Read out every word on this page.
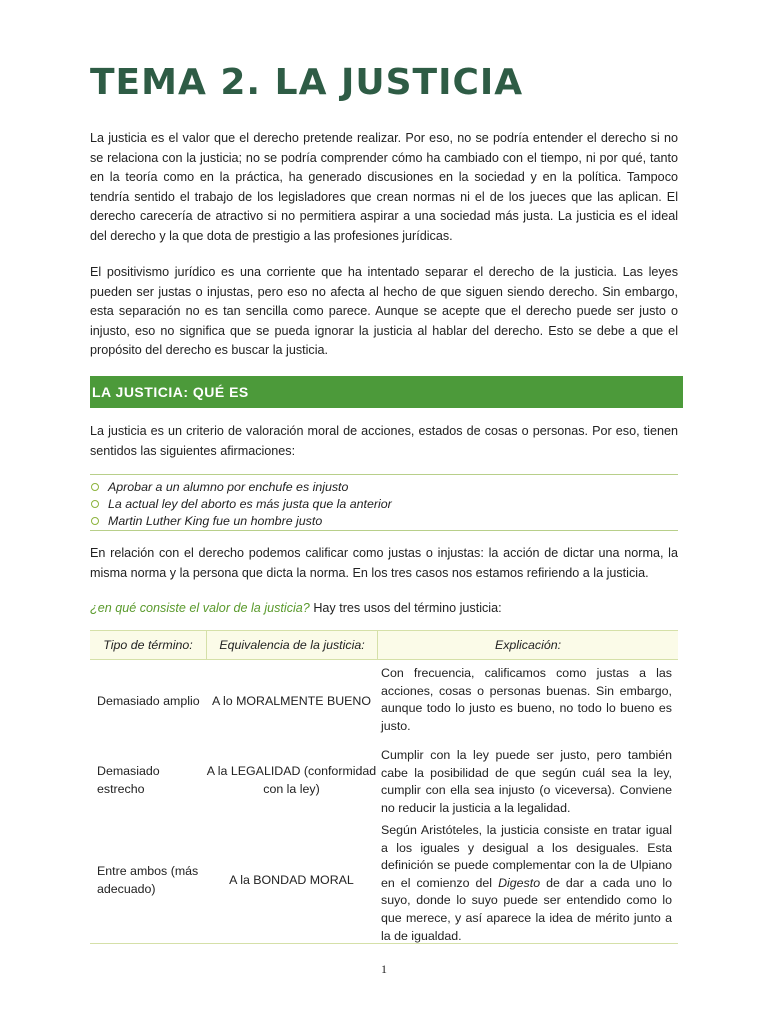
TEMA 2. LA JUSTICIA

La justicia es el valor que el derecho pretende realizar. Por eso, no se podría entender el derecho si no se relaciona con la justicia; no se podría comprender cómo ha cambiado con el tiempo, ni por qué, tanto en la teoría como en la práctica, ha generado discusiones en la sociedad y en la política. Tampoco tendría sentido el trabajo de los legisladores que crean normas ni el de los jueces que las aplican. El derecho carecería de atractivo si no permitiera aspirar a una sociedad más justa. La justicia es el ideal del derecho y la que dota de prestigio a las profesiones jurídicas.

El positivismo jurídico es una corriente que ha intentado separar el derecho de la justicia. Las leyes pueden ser justas o injustas, pero eso no afecta al hecho de que siguen siendo derecho. Sin embargo, esta separación no es tan sencilla como parece. Aunque se acepte que el derecho puede ser justo o injusto, eso no significa que se pueda ignorar la justicia al hablar del derecho. Esto se debe a que el propósito del derecho es buscar la justicia.

LA JUSTICIA: QUÉ ES

La justicia es un criterio de valoración moral de acciones, estados de cosas o personas. Por eso, tienen sentidos las siguientes afirmaciones:

Aprobar a un alumno por enchufe es injusto
La actual ley del aborto es más justa que la anterior
Martin Luther King fue un hombre justo

En relación con el derecho podemos calificar como justas o injustas: la acción de dictar una norma, la misma norma y la persona que dicta la norma. En los tres casos nos estamos refiriendo a la justicia.

¿en qué consiste el valor de la justicia? Hay tres usos del término justicia:

Tipo de término:	Equivalencia de la justicia:	Explicación:
Demasiado amplio A lo MORALMENTE BUENO
Con frecuencia, calificamos como justas a las acciones, cosas o personas buenas. Sin embargo, aunque todo lo justo es bueno, no todo lo bueno es justo.
Demasiado estrecho
A la LEGALIDAD (conformidad con la ley)
Cumplir con la ley puede ser justo, pero también cabe la posibilidad de que según cuál sea la ley, cumplir con ella sea injusto (o viceversa). Conviene no reducir la justicia a la legalidad.
Entre ambos (más adecuado)
A la BONDAD MORAL
Según Aristóteles, la justicia consiste en tratar igual a los iguales y desigual a los desiguales. Esta definición se puede complementar con la de Ulpiano en el comienzo del Digesto de dar a cada uno lo suyo, donde lo suyo puede ser entendido como lo que merece, y así aparece la idea de mérito junto a la de igualdad.
1
